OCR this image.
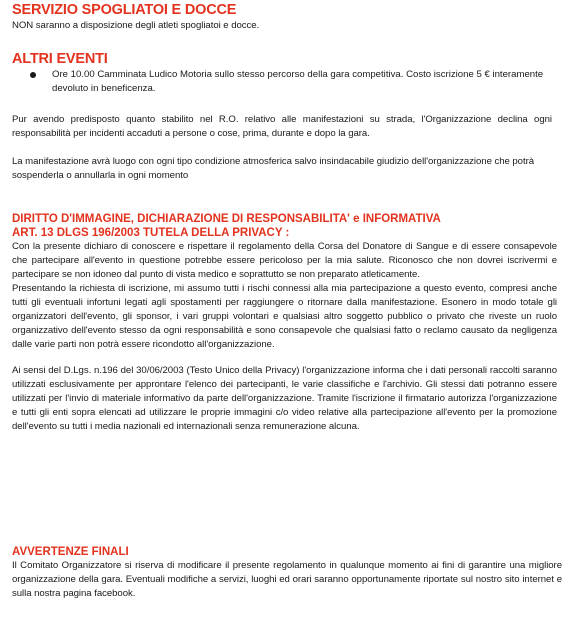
SERVIZIO SPOGLIATOI E DOCCE

NON saranno a disposizione degli atleti spogliatoi e docce.

ALTRI EVENTI
Ore 10.00 Camminata Ludico Motoria sullo stesso percorso della gara competitiva. Costo iscrizione 5 € interamente devoluto in beneficenza.

Pur avendo predisposto quanto stabilito nel R.O. relativo alle manifestazioni su strada, l'Organizzazione declina ogni responsabilità per incidenti accaduti a persone o cose, prima, durante e dopo la gara.

La manifestazione avrà luogo con ogni tipo condizione atmosferica salvo insindacabile giudizio dell'organizzazione che potrà sospenderla o annullarla in ogni momento

DIRITTO D'IMMAGINE, DICHIARAZIONE DI RESPONSABILITA' e INFORMATIVA
ART. 13 DLGS 196/2003 TUTELA DELLA PRIVACY :

Con la presente dichiaro di conoscere e rispettare il regolamento della Corsa del Donatore di Sangue e di essere consapevole che partecipare all'evento in questione potrebbe essere pericoloso per la mia salute. Riconosco che non dovrei iscrivermi e partecipare se non idoneo dal punto di vista medico e soprattutto se non preparato atleticamente.

Presentando la richiesta di iscrizione, mi assumo tutti i rischi connessi alla mia partecipazione a questo evento, compresi anche tutti gli eventuali infortuni legati agli spostamenti per raggiungere o ritornare dalla manifestazione. Esonero in modo totale gli organizzatori dell'evento, gli sponsor, i vari gruppi volontari e qualsiasi altro soggetto pubblico o privato che riveste un ruolo organizzativo dell'evento stesso da ogni responsabilità e sono consapevole che qualsiasi fatto o reclamo causato da negligenza dalle varie parti non potrà essere ricondotto all'organizzazione.

Ai sensi del D.Lgs. n.196 del 30/06/2003 (Testo Unico della Privacy) l'organizzazione informa che i dati personali raccolti saranno utilizzati esclusivamente per approntare l'elenco dei partecipanti, le varie classifiche e l'archivio. Gli stessi dati potranno essere utilizzati per l'invio di materiale informativo da parte dell'organizzazione. Tramite l'iscrizione il firmatario autorizza l'organizzazione e tutti gli enti sopra elencati ad utilizzare le proprie immagini c/o video relative alla partecipazione all'evento per la promozione dell'evento su tutti i media nazionali ed internazionali senza remunerazione alcuna.

AVVERTENZE FINALI

Il Comitato Organizzatore si riserva di modificare il presente regolamento in qualunque momento ai fini di garantire una migliore organizzazione della gara. Eventuali modifiche a servizi, luoghi ed orari saranno opportunamente riportate sul nostro sito internet e sulla nostra pagina facebook.
